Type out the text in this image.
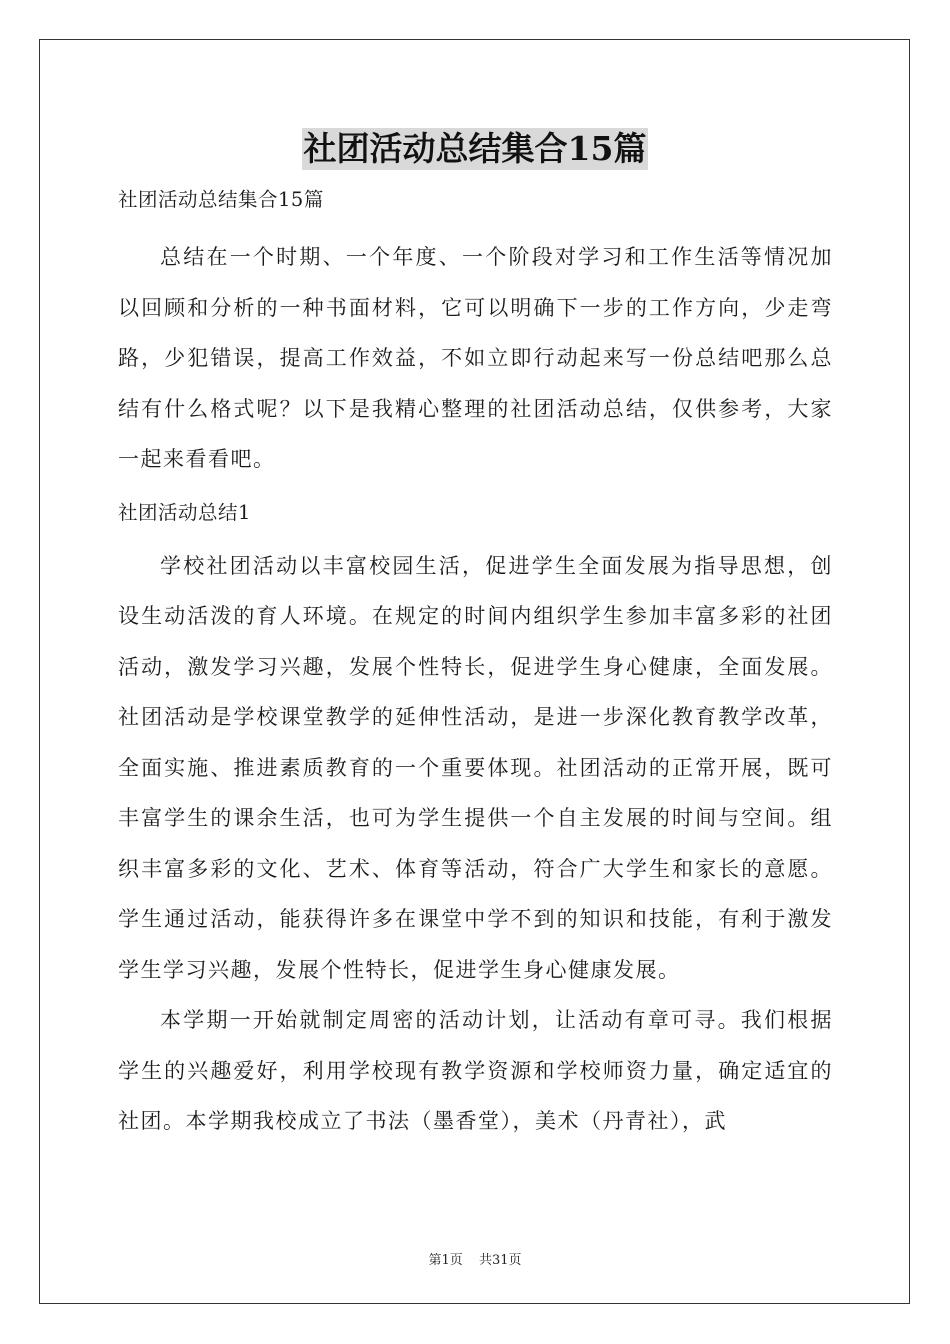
社团活动总结集合15篇
社团活动总结集合15篇

总结在一个时期、一个年度、一个阶段对学习和工作生活等情况加以回顾和分析的一种书面材料，它可以明确下一步的工作方向，少走弯路，少犯错误，提高工作效益，不如立即行动起来写一份总结吧那么总结有什么格式呢？以下是我精心整理的社团活动总结，仅供参考，大家一起来看看吧。

社团活动总结1

学校社团活动以丰富校园生活，促进学生全面发展为指导思想，创设生动活泼的育人环境。在规定的时间内组织学生参加丰富多彩的社团活动，激发学习兴趣，发展个性特长，促进学生身心健康，全面发展。社团活动是学校课堂教学的延伸性活动，是进一步深化教育教学改革，全面实施、推进素质教育的一个重要体现。社团活动的正常开展，既可丰富学生的课余生活，也可为学生提供一个自主发展的时间与空间。组织丰富多彩的文化、艺术、体育等活动，符合广大学生和家长的意愿。学生通过活动，能获得许多在课堂中学不到的知识和技能，有利于激发学生学习兴趣，发展个性特长，促进学生身心健康发展。

本学期一开始就制定周密的活动计划，让活动有章可寻。我们根据学生的兴趣爱好，利用学校现有教学资源和学校师资力量，确定适宜的社团。本学期我校成立了书法（墨香堂），美术（丹青社），武

第1页 共31页
